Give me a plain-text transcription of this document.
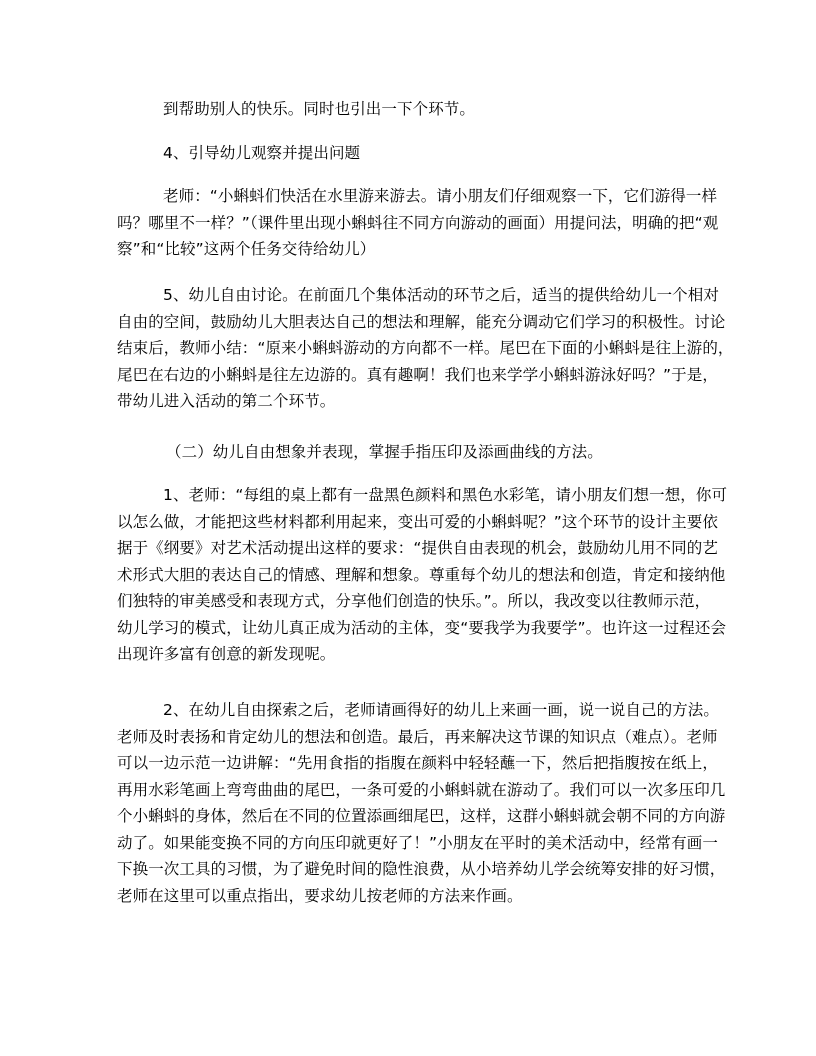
到帮助别人的快乐。同时也引出一下个环节。
4、引导幼儿观察并提出问题
老师：“小蝌蚪们快活在水里游来游去。请小朋友们仔细观察一下，它们游得一样
吗？哪里不一样？”（课件里出现小蝌蚪往不同方向游动的画面）用提问法，明确的把“观
察”和“比较”这两个任务交待给幼儿）
5、幼儿自由讨论。在前面几个集体活动的环节之后，适当的提供给幼儿一个相对
自由的空间，鼓励幼儿大胆表达自己的想法和理解，能充分调动它们学习的积极性。讨论
结束后，教师小结：“原来小蝌蚪游动的方向都不一样。尾巴在下面的小蝌蚪是往上游的，
尾巴在右边的小蝌蚪是往左边游的。真有趣啊！我们也来学学小蝌蚪游泳好吗？”于是，
带幼儿进入活动的第二个环节。
（二）幼儿自由想象并表现，掌握手指压印及添画曲线的方法。
1、老师：“每组的桌上都有一盘黑色颜料和黑色水彩笔，请小朋友们想一想，你可
以怎么做，才能把这些材料都利用起来，变出可爱的小蝌蚪呢？”这个环节的设计主要依
据于《纲要》对艺术活动提出这样的要求：“提供自由表现的机会，鼓励幼儿用不同的艺
术形式大胆的表达自己的情感、理解和想象。尊重每个幼儿的想法和创造，肯定和接纳他
们独特的审美感受和表现方式，分享他们创造的快乐。”。所以，我改变以往教师示范，
幼儿学习的模式，让幼儿真正成为活动的主体，变“要我学为我要学”。也许这一过程还会
出现许多富有创意的新发现呢。
2、在幼儿自由探索之后，老师请画得好的幼儿上来画一画，说一说自己的方法。
老师及时表扬和肯定幼儿的想法和创造。最后，再来解决这节课的知识点（难点）。老师
可以一边示范一边讲解：“先用食指的指腹在颜料中轻轻蘸一下，然后把指腹按在纸上，
再用水彩笔画上弯弯曲曲的尾巴，一条可爱的小蝌蚪就在游动了。我们可以一次多压印几
个小蝌蚪的身体，然后在不同的位置添画细尾巴，这样，这群小蝌蚪就会朝不同的方向游
动了。如果能变换不同的方向压印就更好了！”小朋友在平时的美术活动中，经常有画一
下换一次工具的习惯，为了避免时间的隐性浪费，从小培养幼儿学会统筹安排的好习惯，
老师在这里可以重点指出，要求幼儿按老师的方法来作画。
